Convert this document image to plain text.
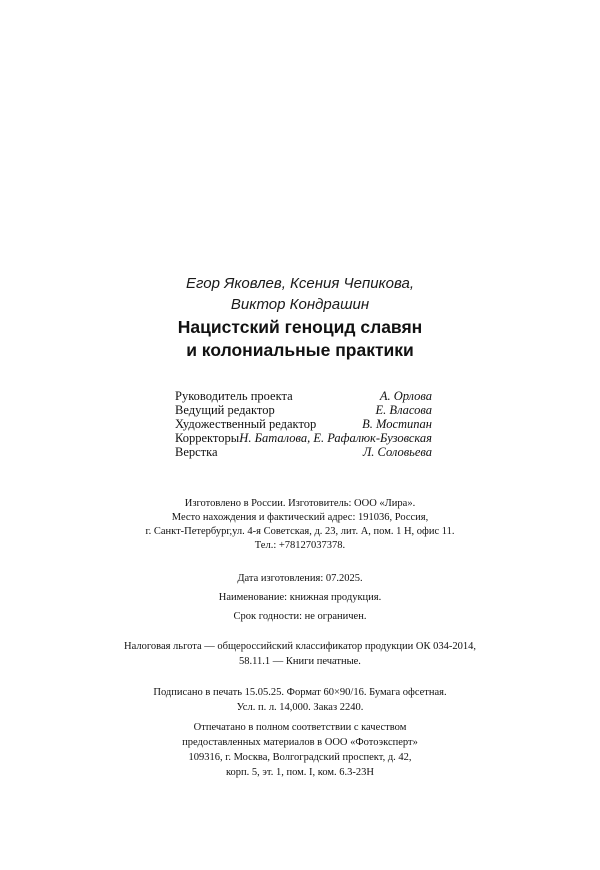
Егор Яковлев, Ксения Чепикова,
Виктор Кондрашин
Нацистский геноцид славян
и колониальные практики
Руководитель проекта	А. Орлова
Ведущий редактор	Е. Власова
Художественный редактор	В. Мостипан
Корректоры Н. Баталова, Е. Рафалюк-Бузовская
Верстка	Л. Соловьева
Изготовлено в России. Изготовитель: ООО «Лира».
Место нахождения и фактический адрес: 191036, Россия,
г. Санкт-Петербург,ул. 4-я Советская, д. 23, лит. А, пом. 1 Н, офис 11.
Тел.: +78127037378.
Дата изготовления: 07.2025.
Наименование: книжная продукция.
Срок годности: не ограничен.
Налоговая льгота — общероссийский классификатор продукции ОК 034-2014,
58.11.1 — Книги печатные.
Подписано в печать 15.05.25. Формат 60×90/16. Бумага офсетная.
Усл. п. л. 14,000. Заказ 2240.
Отпечатано в полном соответствии с качеством
предоставленных материалов в ООО «Фотоэксперт»
109316, г. Москва, Волгоградский проспект, д. 42,
корп. 5, эт. 1, пом. I, ком. 6.3-23Н
